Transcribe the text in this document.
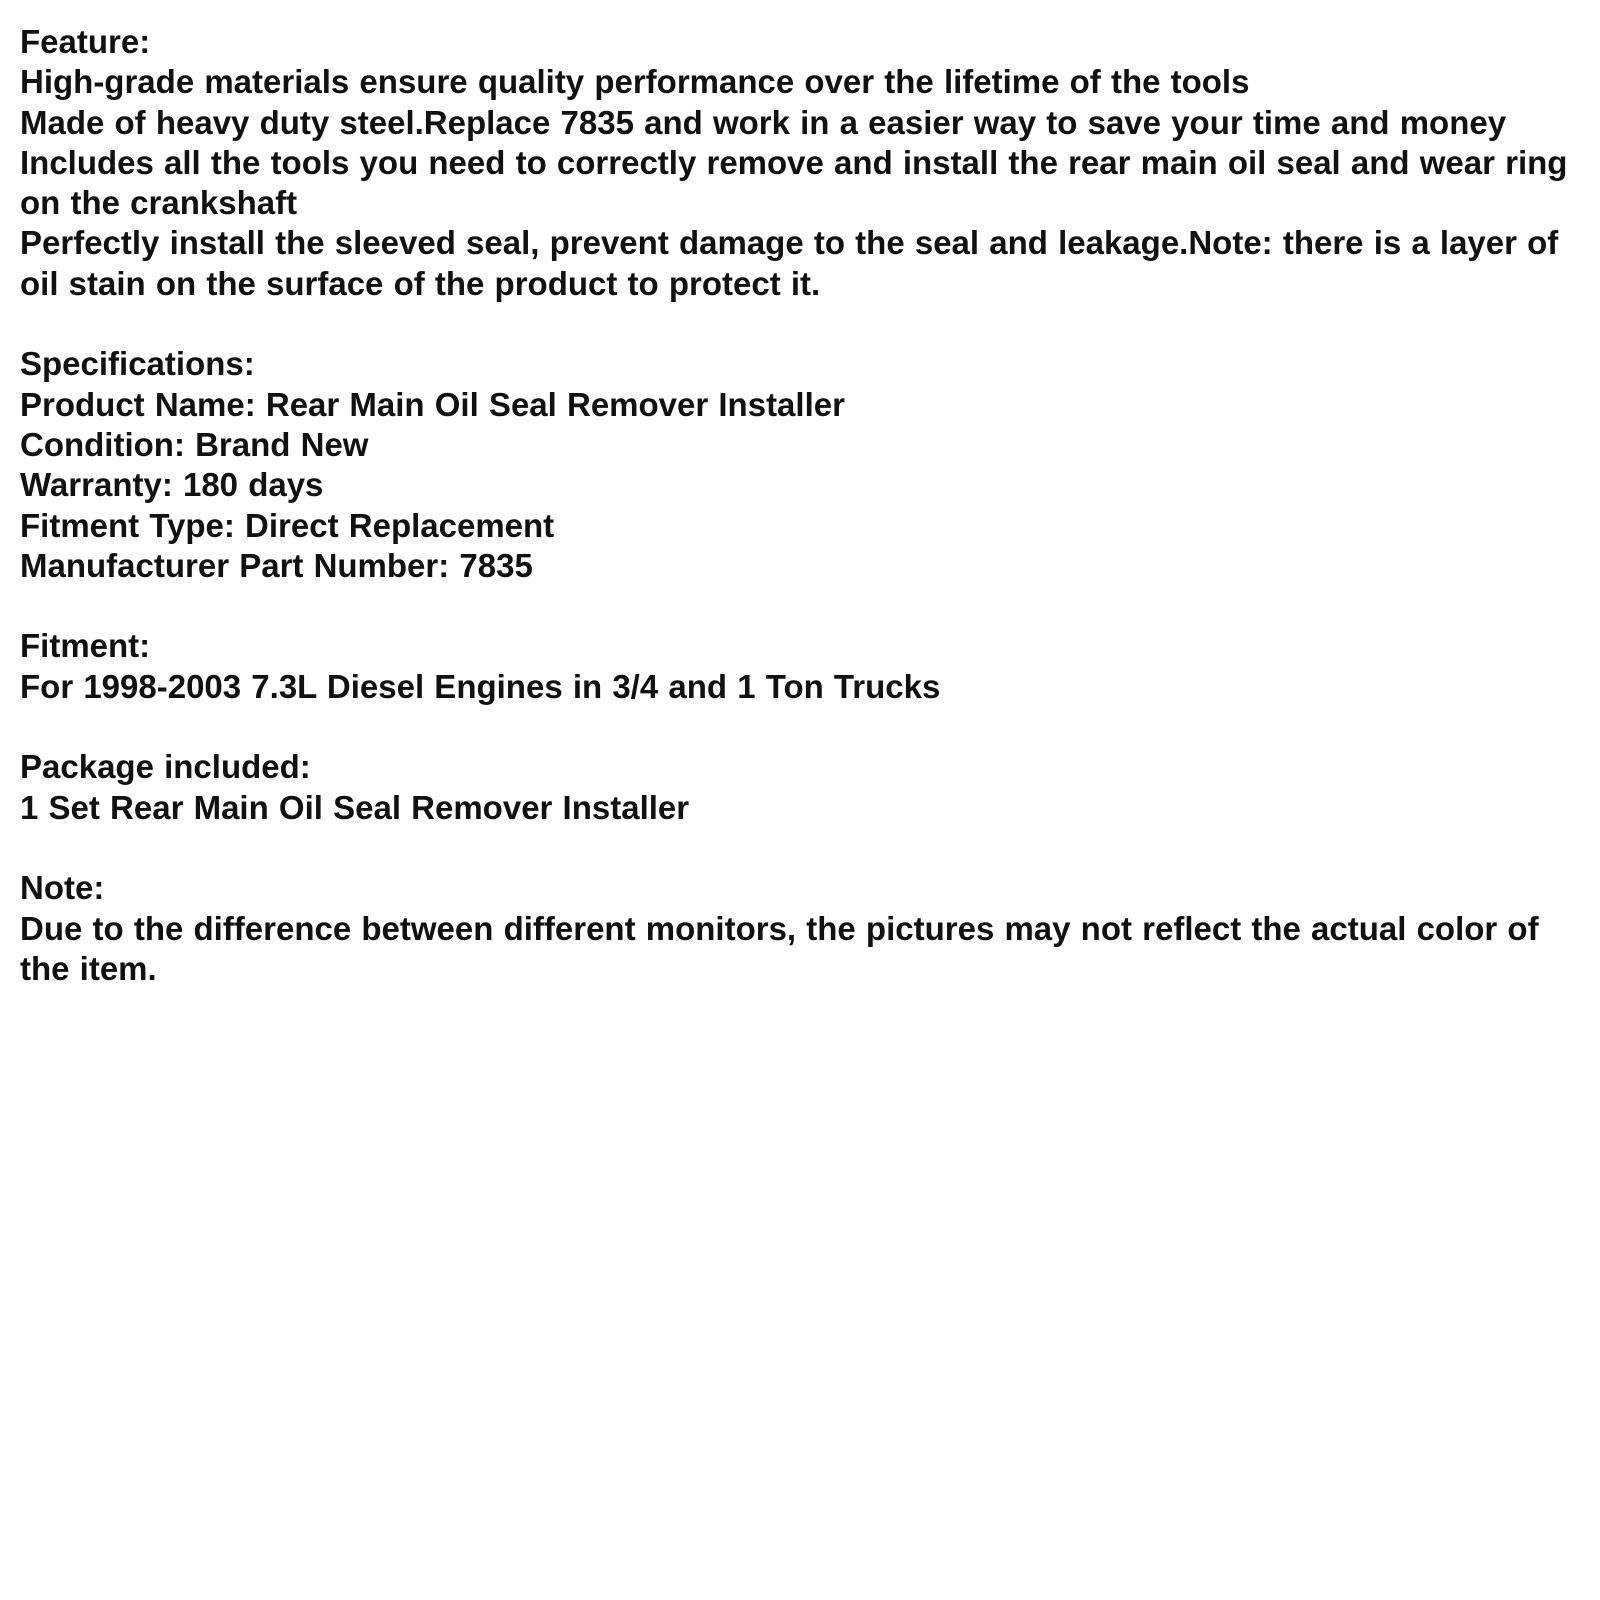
Feature:
High-grade materials ensure quality performance over the lifetime of the tools
Made of heavy duty steel.Replace 7835 and work in a easier way to save your time and money
Includes all the tools you need to correctly remove and install the rear main oil seal and wear ring on the crankshaft
Perfectly install the sleeved seal, prevent damage to the seal and leakage.Note: there is a layer of oil stain on the surface of the product to protect it.
Specifications:
Product Name: Rear Main Oil Seal Remover Installer
Condition: Brand New
Warranty: 180 days
Fitment Type: Direct Replacement
Manufacturer Part Number: 7835
Fitment:
For 1998-2003 7.3L Diesel Engines in 3/4 and 1 Ton Trucks
Package included:
1 Set Rear Main Oil Seal Remover Installer
Note:
Due to the difference between different monitors, the pictures may not reflect the actual color of the item.
